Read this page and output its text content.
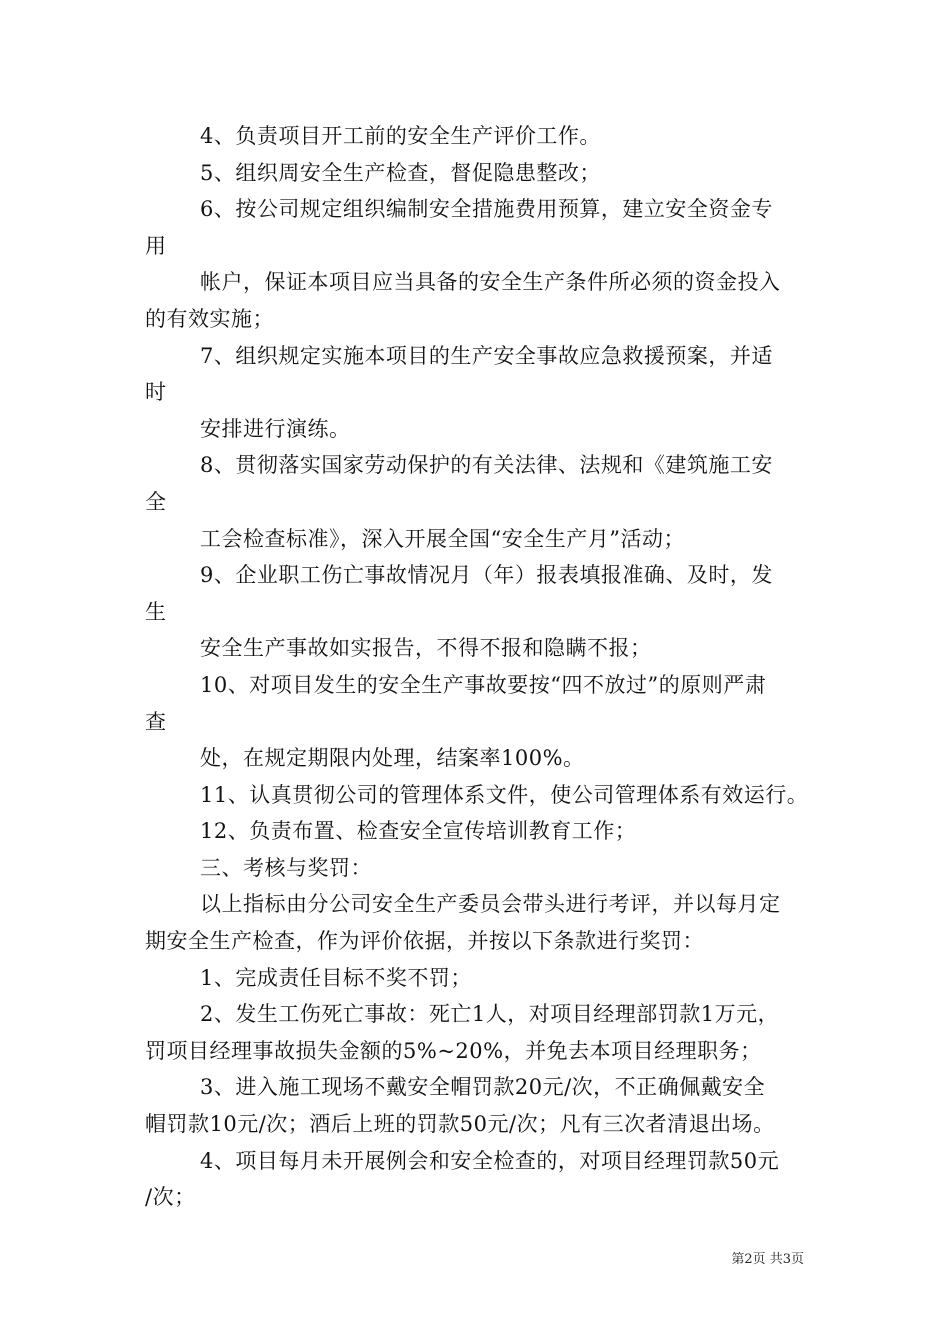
4、负责项目开工前的安全生产评价工作。
5、组织周安全生产检查，督促隐患整改；
6、按公司规定组织编制安全措施费用预算，建立安全资金专
用
帐户，保证本项目应当具备的安全生产条件所必须的资金投入
的有效实施；
7、组织规定实施本项目的生产安全事故应急救援预案，并适
时
安排进行演练。
8、贯彻落实国家劳动保护的有关法律、法规和《建筑施工安
全
工会检查标准》，深入开展全国“安全生产月”活动；
9、企业职工伤亡事故情况月（年）报表填报准确、及时，发
生
安全生产事故如实报告，不得不报和隐瞒不报；
10、对项目发生的安全生产事故要按“四不放过”的原则严肃
查
处，在规定期限内处理，结案率100%。
11、认真贯彻公司的管理体系文件，使公司管理体系有效运行。
12、负责布置、检查安全宣传培训教育工作；
三、考核与奖罚：
以上指标由分公司安全生产委员会带头进行考评，并以每月定
期安全生产检查，作为评价依据，并按以下条款进行奖罚：
1、完成责任目标不奖不罚；
2、发生工伤死亡事故：死亡1人，对项目经理部罚款1万元，
罚项目经理事故损失金额的5%~20%，并免去本项目经理职务；
3、进入施工现场不戴安全帽罚款20元/次，不正确佩戴安全
帽罚款10元/次；酒后上班的罚款50元/次；凡有三次者清退出场。
4、项目每月未开展例会和安全检查的，对项目经理罚款50元
/次；
第2页 共3页
